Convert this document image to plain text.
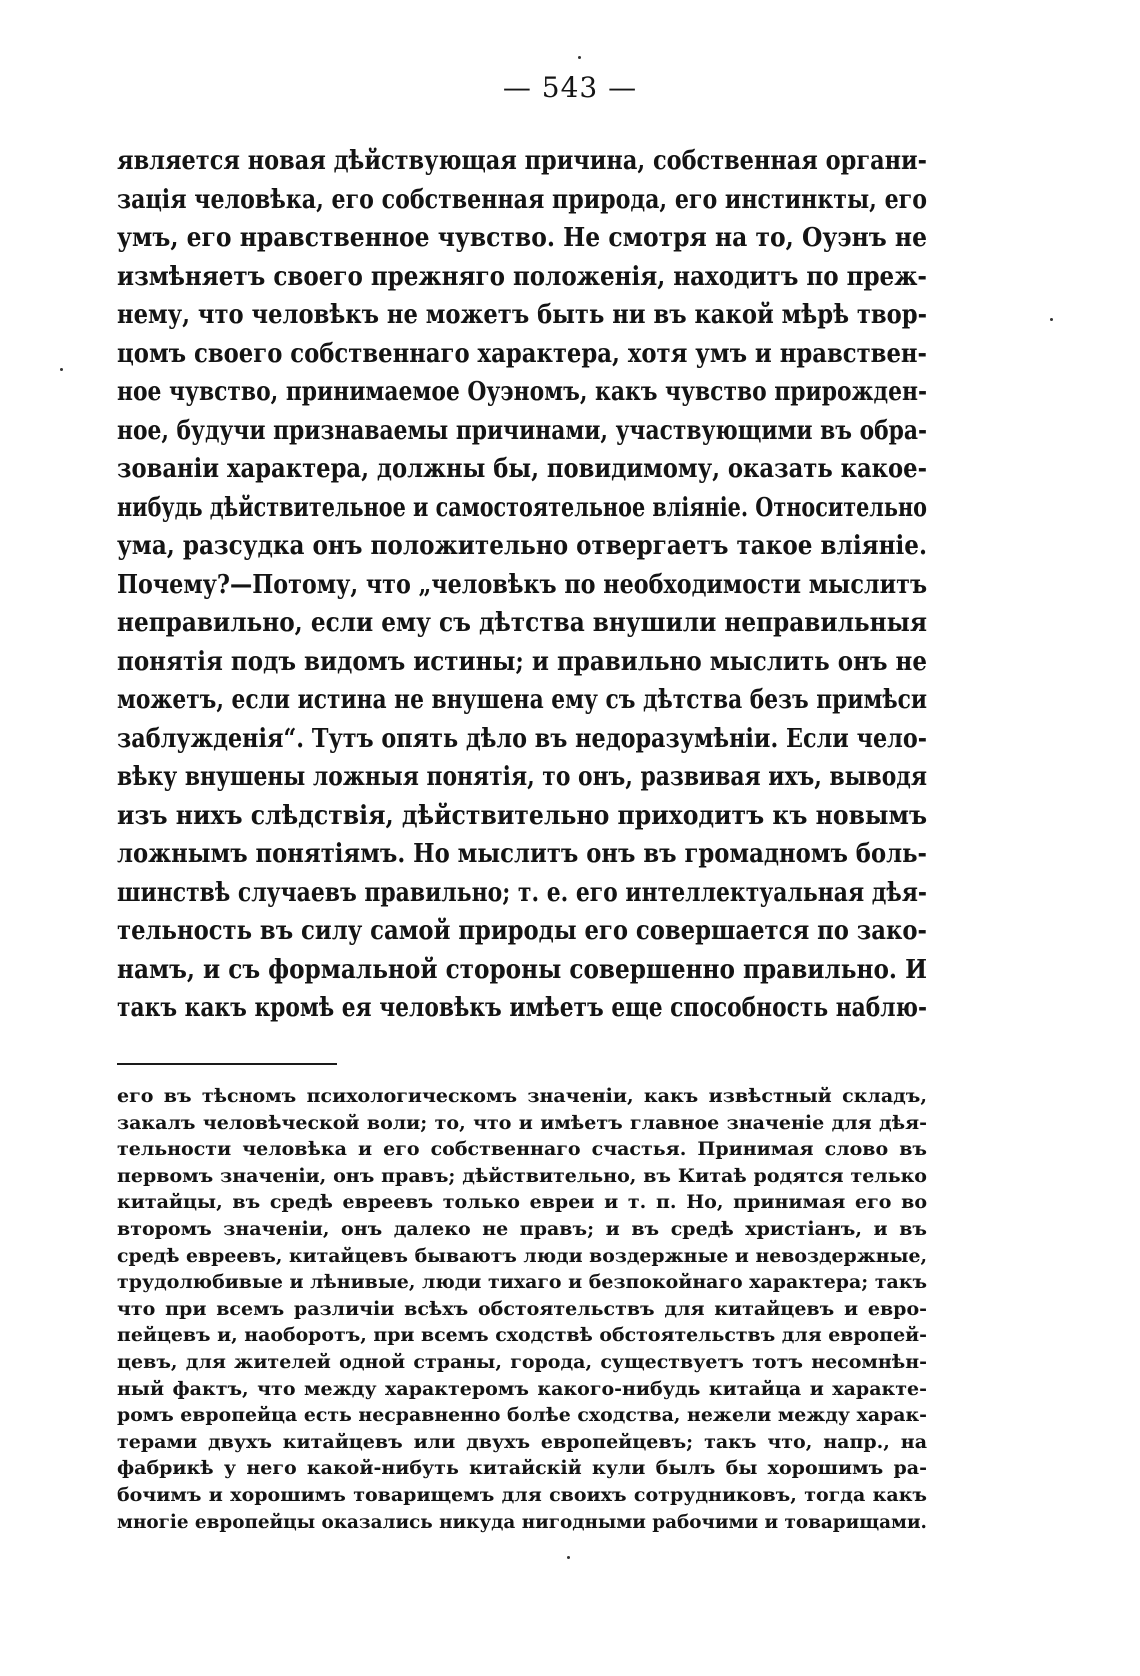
— 543 —
является новая дѣйствующая причина, собственная органи-
зація человѣка, его собственная природа, его инстинкты, его
умъ, его нравственное чувство. Не смотря на то, Оуэнъ не
измѣняетъ своего прежняго положенія, находитъ по преж-
нему, что человѣкъ не можетъ быть ни въ какой мѣрѣ твор-
цомъ своего собственнаго характера, хотя умъ и нравствен-
ное чувство, принимаемое Оуэномъ, какъ чувство прирожден-
ное, будучи признаваемы причинами, участвующими въ обра-
зованіи характера, должны бы, повидимому, оказать какое-
нибудь дѣйствительное и самостоятельное вліяніе. Относительно
ума, разсудка онъ положительно отвергаетъ такое вліяніе.
Почему?—Потому, что „человѣкъ по необходимости мыслитъ
неправильно, если ему съ дѣтства внушили неправильныя
понятія подъ видомъ истины; и правильно мыслить онъ не
можетъ, если истина не внушена ему съ дѣтства безъ примѣси
заблужденія“. Тутъ опять дѣло въ недоразумѣніи. Если чело-
вѣку внушены ложныя понятія, то онъ, развивая ихъ, выводя
изъ нихъ слѣдствія, дѣйствительно приходитъ къ новымъ
ложнымъ понятіямъ. Но мыслитъ онъ въ громадномъ боль-
шинствѣ случаевъ правильно; т. е. его интеллектуальная дѣя-
тельность въ силу самой природы его совершается по зако-
намъ, и съ формальной стороны совершенно правильно. И
такъ какъ кромѣ ея человѣкъ имѣетъ еще способность наблю-
его въ тѣсномъ психологическомъ значеніи, какъ извѣстный складъ,
закалъ человѣческой воли; то, что и имѣетъ главное значеніе для дѣя-
тельности человѣка и его собственнаго счастья. Принимая слово въ
первомъ значеніи, онъ правъ; дѣйствительно, въ Китаѣ родятся телько
китайцы, въ средѣ евреевъ только евреи и т. п. Но, принимая его во
второмъ значеніи, онъ далеко не правъ; и въ средѣ христіанъ, и въ
средѣ евреевъ, китайцевъ бываютъ люди воздержные и невоздержные,
трудолюбивые и лѣнивые, люди тихаго и безпокойнаго характера; такъ
что при всемъ различіи всѣхъ обстоятельствъ для китайцевъ и евро-
пейцевъ и, наоборотъ, при всемъ сходствѣ обстоятельствъ для европей-
цевъ, для жителей одной страны, города, существуетъ тотъ несомнѣн-
ный фактъ, что между характеромъ какого-нибудь китайца и характе-
ромъ европейца есть несравненно болѣе сходства, нежели между харак-
терами двухъ китайцевъ или двухъ европейцевъ; такъ что, напр., на
фабрикѣ у него какой-нибуть китайскій кули былъ бы хорошимъ ра-
бочимъ и хорошимъ товарищемъ для своихъ сотрудниковъ, тогда какъ
многіе европейцы оказались никуда нигодными рабочими и товарищами.
